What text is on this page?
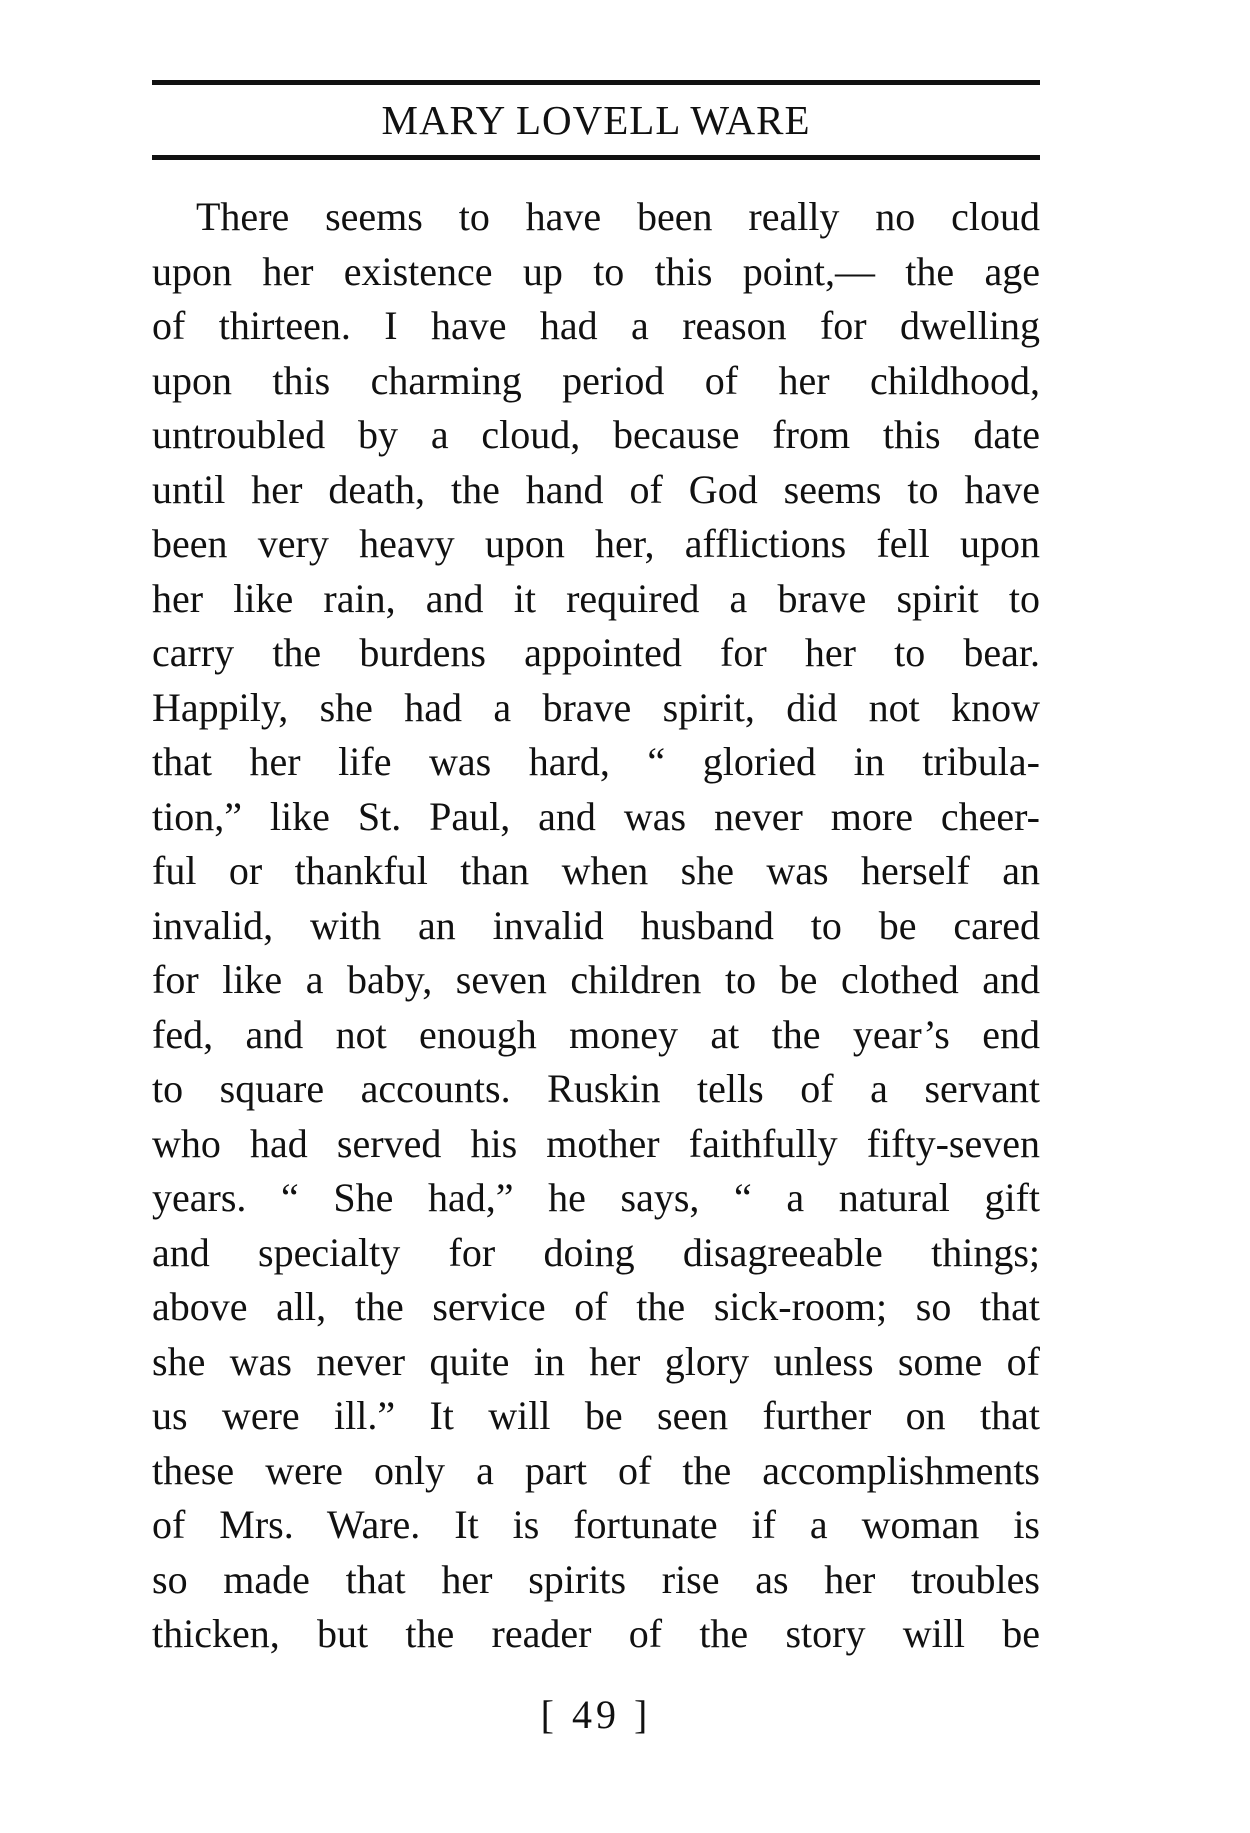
MARY LOVELL WARE
There seems to have been really no cloud
upon her existence up to this point,— the age
of thirteen. I have had a reason for dwelling
upon this charming period of her childhood,
untroubled by a cloud, because from this date
until her death, the hand of God seems to have
been very heavy upon her, afflictions fell upon
her like rain, and it required a brave spirit to
carry the burdens appointed for her to bear.
Happily, she had a brave spirit, did not know
that her life was hard, “ gloried in tribula-
tion,” like St. Paul, and was never more cheer-
ful or thankful than when she was herself an
invalid, with an invalid husband to be cared
for like a baby, seven children to be clothed and
fed, and not enough money at the year’s end
to square accounts. Ruskin tells of a servant
who had served his mother faithfully fifty-seven
years. “ She had,” he says, “ a natural gift
and specialty for doing disagreeable things;
above all, the service of the sick-room; so that
she was never quite in her glory unless some of
us were ill.” It will be seen further on that
these were only a part of the accomplishments
of Mrs. Ware. It is fortunate if a woman is
so made that her spirits rise as her troubles
thicken, but the reader of the story will be
[ 49 ]
